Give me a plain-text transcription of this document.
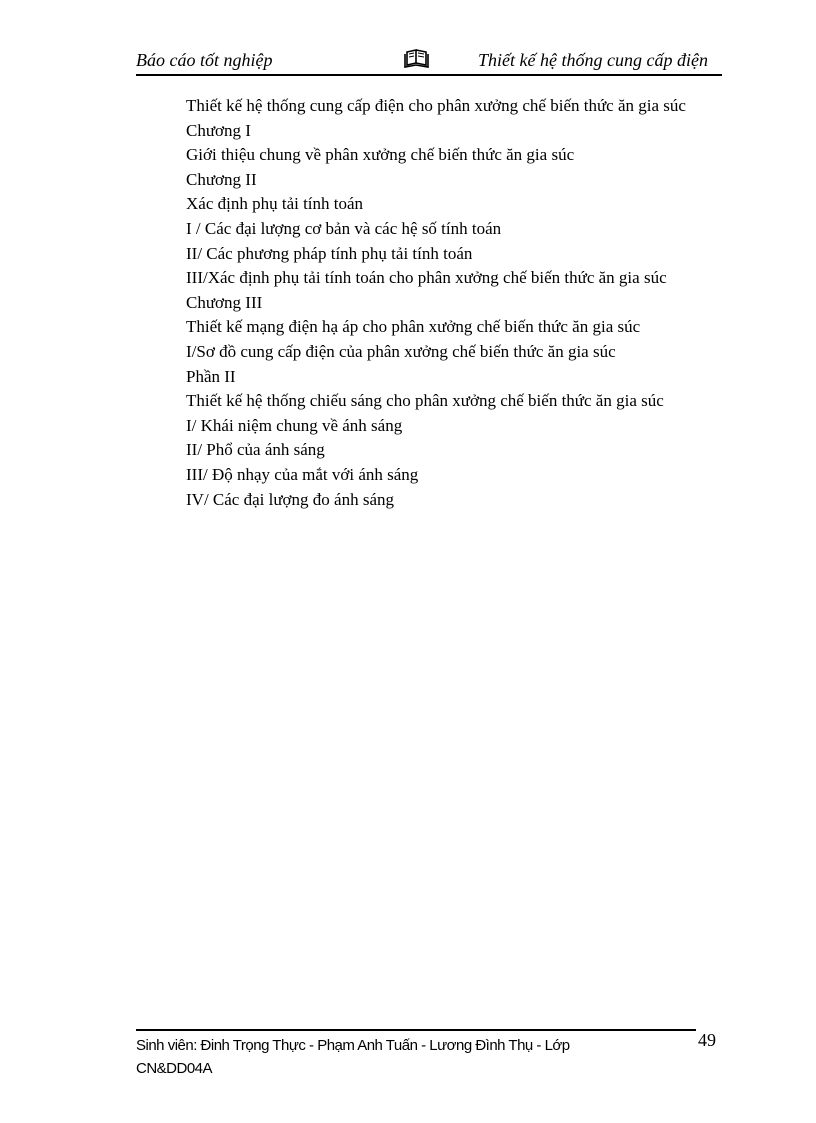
Báo cáo tốt nghiệp	Thiết kế hệ thống cung cấp điện

Thiết kế hệ thống cung cấp điện cho phân xưởng chế biến thức ăn gia súc

Chương I

Giới thiệu chung về phân xưởng chế biến thức ăn gia súc

Chương II

Xác định phụ tải tính toán

I / Các đại lượng cơ bản và các hệ số tính toán

II/ Các phương pháp tính phụ tải tính toán

III/Xác định phụ tải tính toán cho phân xưởng chế biến thức ăn gia súc

Chương III

Thiết kế mạng điện hạ áp cho phân xưởng chế biến thức ăn gia súc

I/Sơ đồ cung cấp điện của phân xưởng chế biến thức ăn gia súc

Phần II

Thiết kế hệ thống chiếu sáng cho phân xưởng chế biến thức ăn gia súc

I/ Khái niệm chung về ánh sáng

II/ Phổ của ánh sáng

III/ Độ nhạy của mắt với ánh sáng

IV/ Các đại lượng đo ánh sáng

Sinh viên: Đinh Trọng Thực - Phạm Anh Tuấn - Lương Đình Thụ - Lớp CN&DD04A
49
